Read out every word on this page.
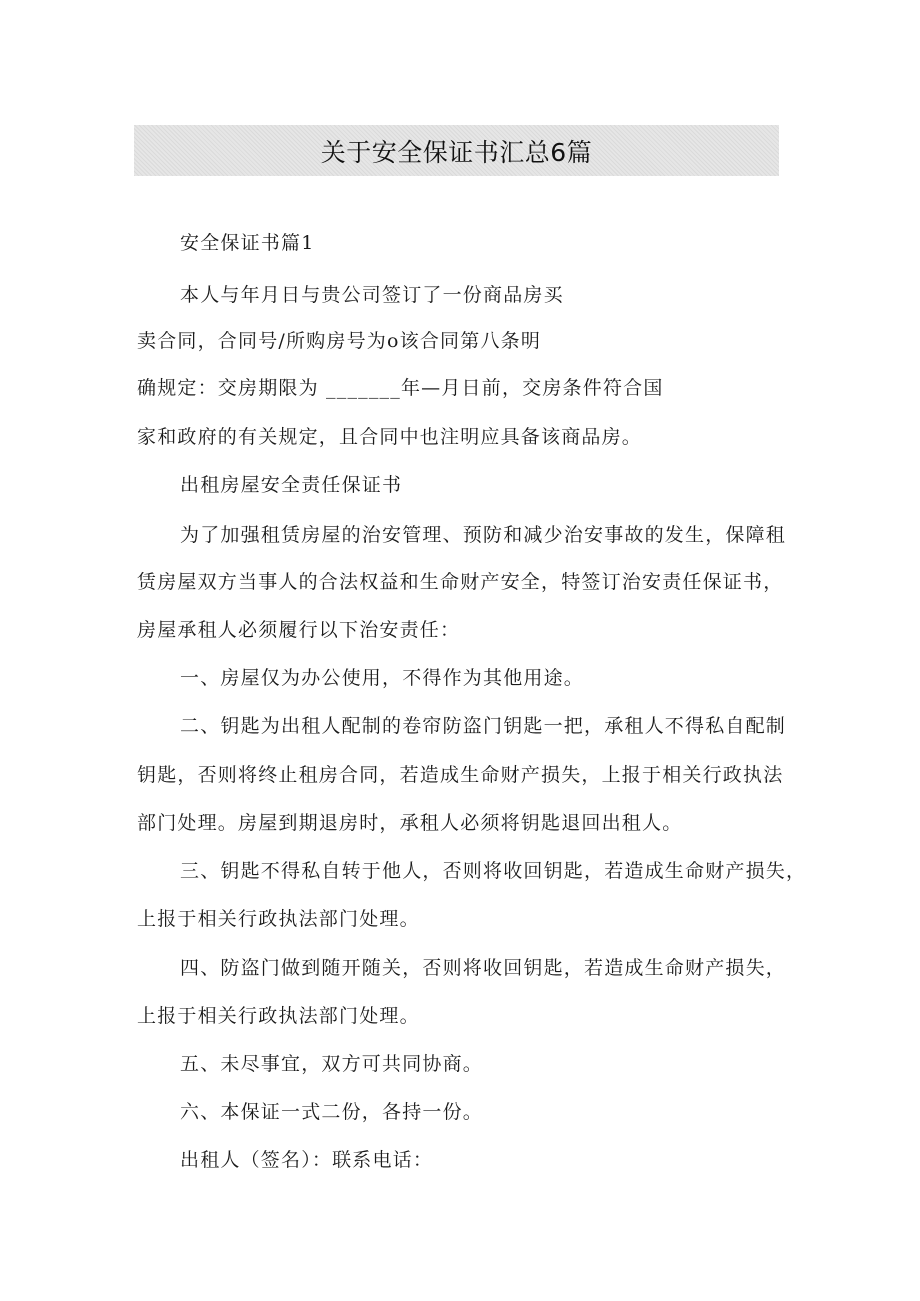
关于安全保证书汇总6篇
安全保证书篇1
本人与年月日与贵公司签订了一份商品房买
卖合同，合同号/所购房号为o该合同第八条明
确规定：交房期限为 _______年—月日前，交房条件符合国
家和政府的有关规定，且合同中也注明应具备该商品房。
出租房屋安全责任保证书
为了加强租赁房屋的治安管理、预防和减少治安事故的发生，保障租
赁房屋双方当事人的合法权益和生命财产安全，特签订治安责任保证书，
房屋承租人必须履行以下治安责任：
一、房屋仅为办公使用，不得作为其他用途。
二、钥匙为出租人配制的卷帘防盗门钥匙一把，承租人不得私自配制
钥匙，否则将终止租房合同，若造成生命财产损失，上报于相关行政执法
部门处理。房屋到期退房时，承租人必须将钥匙退回出租人。
三、钥匙不得私自转于他人，否则将收回钥匙，若造成生命财产损失，
上报于相关行政执法部门处理。
四、防盗门做到随开随关，否则将收回钥匙，若造成生命财产损失，
上报于相关行政执法部门处理。
五、未尽事宜，双方可共同协商。
六、本保证一式二份，各持一份。
出租人（签名）：联系电话：
